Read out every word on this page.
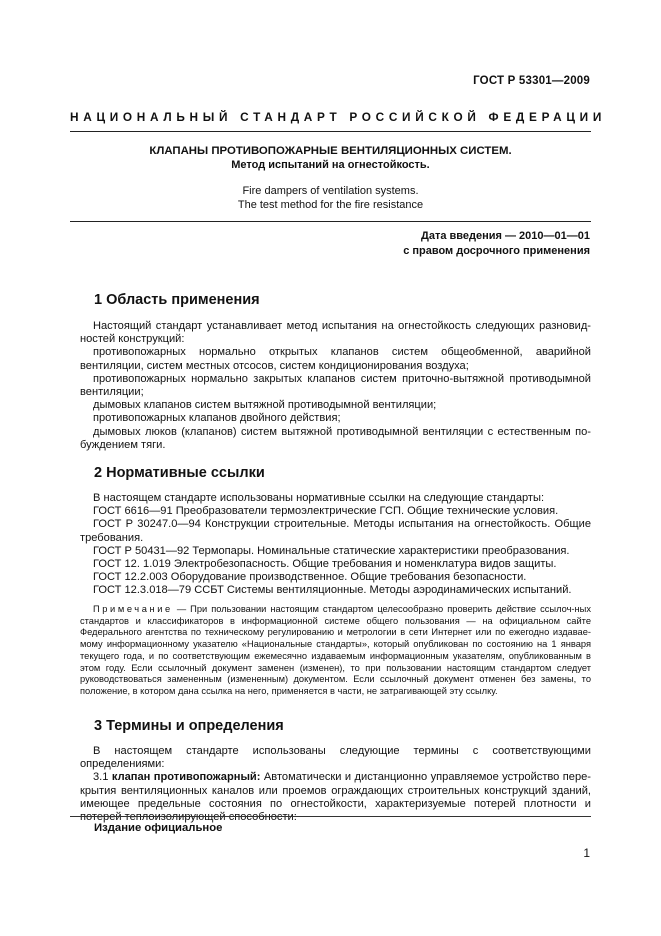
ГОСТ Р 53301—2009
НАЦИОНАЛЬНЫЙ СТАНДАРТ РОССИЙСКОЙ ФЕДЕРАЦИИ
КЛАПАНЫ ПРОТИВОПОЖАРНЫЕ ВЕНТИЛЯЦИОННЫХ СИСТЕМ.
Метод испытаний на огнестойкость.
Fire dampers of ventilation systems.
The test method for the fire resistance
Дата введения — 2010—01—01
с правом досрочного применения
1 Область применения

Настоящий стандарт устанавливает метод испытания на огнестойкость следующих разновид-ностей конструкций:

противопожарных нормально открытых клапанов систем общеобменной, аварийной вентиляции, систем местных отсосов, систем кондиционирования воздуха;

противопожарных нормально закрытых клапанов систем приточно-вытяжной противодымной вентиляции;

дымовых клапанов систем вытяжной противодымной вентиляции;

противопожарных клапанов двойного действия;

дымовых люков (клапанов) систем вытяжной противодымной вентиляции с естественным по-буждением тяги.

2 Нормативные ссылки

В настоящем стандарте использованы нормативные ссылки на следующие стандарты:

ГОСТ 6616—91 Преобразователи термоэлектрические ГСП. Общие технические условия.

ГОСТ Р 30247.0—94 Конструкции строительные. Методы испытания на огнестойкость. Общие требования.

ГОСТ Р 50431—92 Термопары. Номинальные статические характеристики преобразования.

ГОСТ 12. 1.019 Электробезопасность. Общие требования и номенклатура видов защиты.

ГОСТ 12.2.003 Оборудование производственное. Общие требования безопасности.

ГОСТ 12.3.018—79 ССБТ Системы вентиляционные. Методы аэродинамических испытаний.

Примечание — При пользовании настоящим стандартом целесообразно проверить действие ссылоч-ных стандартов и классификаторов в информационной системе общего пользования — на официальном сайте Федерального агентства по техническому регулированию и метрологии в сети Интернет или по ежегодно издавае-мому информационному указателю «Национальные стандарты», который опубликован по состоянию на 1 января текущего года, и по соответствующим ежемесячно издаваемым информационным указателям, опубликованным в этом году. Если ссылочный документ заменен (изменен), то при пользовании настоящим стандартом следует руководствоваться замененным (измененным) документом. Если ссылочный документ отменен без замены, то положение, в котором дана ссылка на него, применяется в части, не затрагивающей эту ссылку.
3 Термины и определения

В настоящем стандарте использованы следующие термины с соответствующими определениями:

3.1 клапан противопожарный: Автоматически и дистанционно управляемое устройство пере-крытия вентиляционных каналов или проемов ограждающих строительных конструкций зданий, имеющее предельные состояния по огнестойкости, характеризуемые потерей плотности и потерей теплоизолирующей способности:

Издание официальное
1
